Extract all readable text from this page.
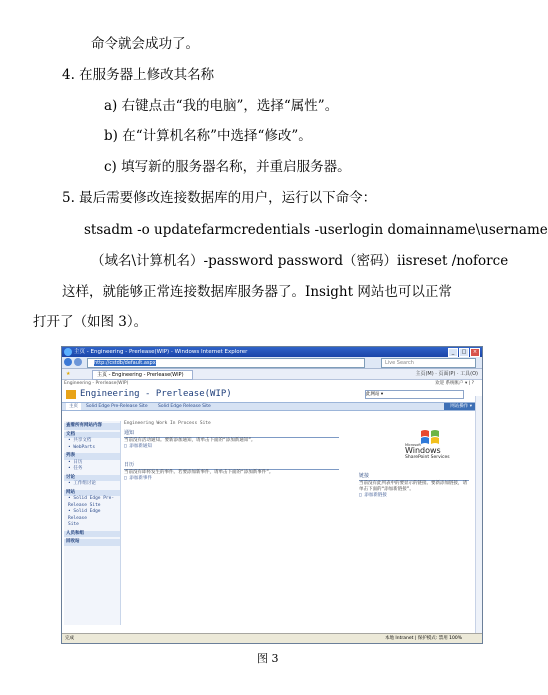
命令就会成功了。
4. 在服务器上修改其名称
a) 右键点击“我的电脑”，选择“属性”。
b) 在“计算机名称”中选择“修改”。
c) 填写新的服务器名称，并重启服务器。
5. 最后需要修改连接数据库的用户，运行以下命令：
stsadm -o updatefarmcredentials -userlogin domainname\username
（域名\计算机名）-password password（密码）iisreset /noforce
这样，就能够正常连接数据库服务器了。Insight 网站也可以正常
打开了（如图 3）。
主页 - Engineering - Prerlease(WIP) - Windows Internet Explorer	_	□	×
http://cstdb/default.aspx	Live Search
★	主页 - Engineering - Prerlease(WIP)	主页(M) · 页面(P) · 工具(O)
Engineering - Prerlease(WIP)	欢迎 系统帐户 ▾ | ?
Engineering - Prerlease(WIP)	此网站 ▾
主页	Solid Edge Pre-Release Site Solid Edge Release Site	网站操作 ▾
查看所有网站内容
文档
• 共享文档
• WebParts
列表
• 日历
• 任务
讨论
• 工作组讨论
网站
• Solid Edge Pre-
Release Site
• Solid Edge Release
Site
人员和组
回收站
Engineering Work In Process Site
通知
当前没有活动通知。要新添加通知，请单击下面的“添加新通知”。
□ 添加新通知
日历
当前没有即将发生的事件。若要添加新事件，请单击下面的“添加新事件”。
□ 添加新事件
Microsoft
Windows
SharePoint Services
链接
当前没有此列表中的要显示的链接。要新添加链接，请单击下面的“添加新链接”。
□ 添加新链接
完成	本地 Intranet | 保护模式: 禁用 100%
图 3
